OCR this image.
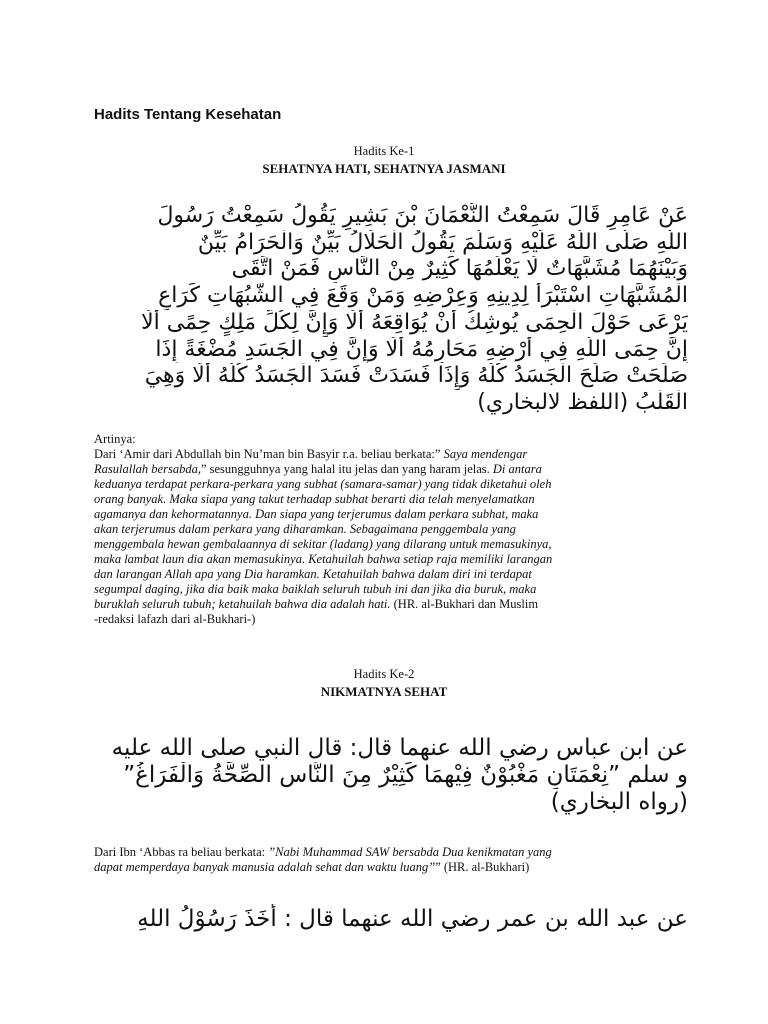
Hadits Tentang Kesehatan
Hadits Ke-1
SEHATNYA HATI, SEHATNYA JASMANI
عَنْ عَامِرٍ قَالَ سَمِعْتُ النُّعْمَانَ بْنَ بَشِيرٍ يَقُولُ سَمِعْتُ رَسُولَ
اللَّهِ صَلَّى اللَّهُ عَلَيْهِ وَسَلَّمَ يَقُولُ الْحَلَالُ بَيِّنٌ وَالْحَرَامُ بَيِّنٌ
وَبَيْنَهُمَا مُشَبَّهَاتٌ لَا يَعْلَمُهَا كَثِيرٌ مِنْ النَّاسِ فَمَنْ اتَّقَى
الْمُشَبَّهَاتِ اسْتَبْرَأَ لِدِينِهِ وَعِرْضِهِ وَمَنْ وَقَعَ فِي الشُّبُهَاتِ كَرَاعٍ
يَرْعَى حَوْلَ الْحِمَى يُوشِكُ أَنْ يُوَاقِعَهُ أَلَا وَإِنَّ لِكُلِّ مَلِكٍ حِمًى أَلَا
إِنَّ حِمَى اللَّهِ فِي أَرْضِهِ مَحَارِمُهُ أَلَا وَإِنَّ فِي الْجَسَدِ مُضْغَةً إِذَا
صَلَحَتْ صَلَحَ الْجَسَدُ كُلُّهُ وَإِذَا فَسَدَتْ فَسَدَ الْجَسَدُ كُلُّهُ أَلَا وَهِيَ
الْقَلْبُ (اللفظ لالبخاري)
Artinya:
Dari ‘Amir dari Abdullah bin Nu’man bin Basyir r.a. beliau berkata:” Saya mendengar
Rasulallah bersabda,” sesungguhnya yang halal itu jelas dan yang haram jelas. Di antara
keduanya terdapat perkara-perkara yang subhat (samara-samar) yang tidak diketahui oleh
orang banyak. Maka siapa yang takut terhadap subhat berarti dia telah menyelamatkan
agamanya dan kehormatannya. Dan siapa yang terjerumus dalam perkara subhat, maka
akan terjerumus dalam perkara yang diharamkan. Sebagaimana penggembala yang
menggembala hewan gembalaannya di sekitar (ladang) yang dilarang untuk memasukinya,
maka lambat laun dia akan memasukinya. Ketahuilah bahwa setiap raja memiliki larangan
dan larangan Allah apa yang Dia haramkan. Ketahuilah bahwa dalam diri ini terdapat
segumpal daging, jika dia baik maka baiklah seluruh tubuh ini dan jika dia buruk, maka
buruklah seluruh tubuh; ketahuilah bahwa dia adalah hati. (HR. al-Bukhari dan Muslim
-redaksi lafazh dari al-Bukhari-)
Hadits Ke-2
NIKMATNYA SEHAT
عن ابن عباس رضي الله عنهما قال: قال النبي صلى الله عليه
و سلم ”نِعْمَتَانِ مَغْبُوْنٌ فِيْهِمَا كَثِيْرٌ مِنَ النَّاسِ الصِّحَّةُ وَالْفَرَاغُ”
(رواه البخاري)
Dari Ibn ‘Abbas ra beliau berkata: ”Nabi Muhammad SAW bersabda Dua kenikmatan yang
dapat memperdaya banyak manusia adalah sehat dan waktu luang”” (HR. al-Bukhari)
عن عبد الله بن عمر رضي الله عنهما قال : أَخَذَ رَسُوْلُ اللهِ
